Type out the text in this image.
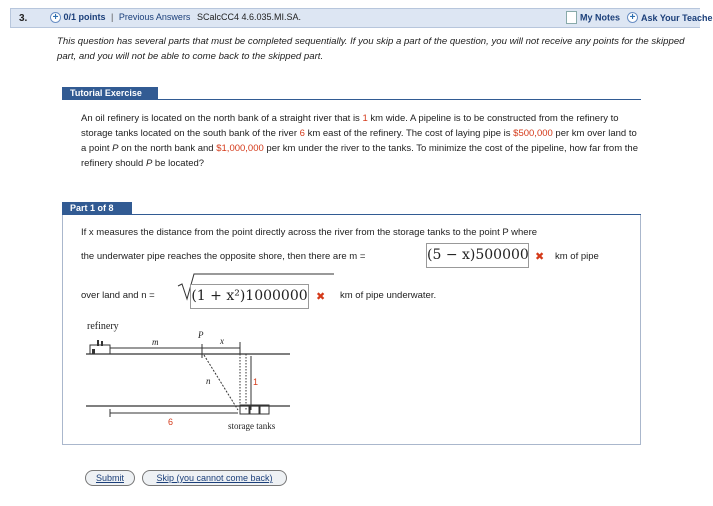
3.	+ 0/1 points | Previous Answers SCalcCC4 4.6.035.MI.SA.	My Notes + Ask Your Teache
This question has several parts that must be completed sequentially. If you skip a part of the question, you will not receive any points for the skipped part, and you will not be able to come back to the skipped part.
Tutorial Exercise
An oil refinery is located on the north bank of a straight river that is 1 km wide. A pipeline is to be constructed from the refinery to storage tanks located on the south bank of the river 6 km east of the refinery. The cost of laying pipe is $500,000 per km over land to a point P on the north bank and $1,000,000 per km under the river to the tanks. To minimize the cost of the pipeline, how far from the refinery should P be located?
Part 1 of 8
If x measures the distance from the point directly across the river from the storage tanks to the point P where
the underwater pipe reaches the opposite shore, then there are m =	(5 − x)500000 ✖ km of pipe
over land and n =	(1 + x²)1000000 ✖ km of pipe underwater.
refinery
m
P
x
n	1
6	storage tanks
Submit	Skip (you cannot come back)
